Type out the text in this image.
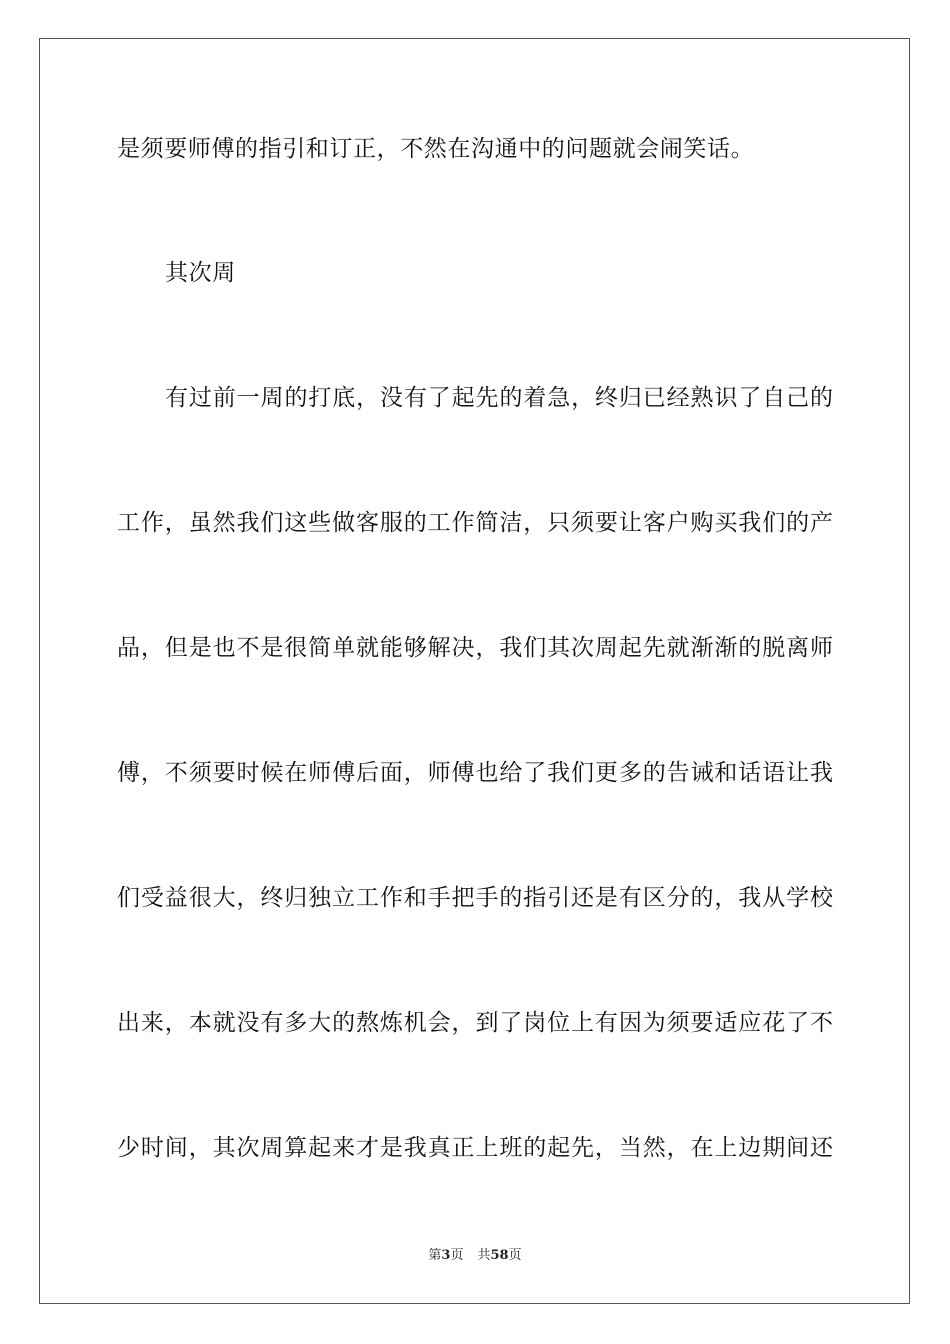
是须要师傅的指引和订正，不然在沟通中的问题就会闹笑话。
其次周
有过前一周的打底，没有了起先的着急，终归已经熟识了自己的
工作，虽然我们这些做客服的工作简洁，只须要让客户购买我们的产
品，但是也不是很简单就能够解决，我们其次周起先就渐渐的脱离师
傅，不须要时候在师傅后面，师傅也给了我们更多的告诫和话语让我
们受益很大，终归独立工作和手把手的指引还是有区分的，我从学校
出来，本就没有多大的熬炼机会，到了岗位上有因为须要适应花了不
少时间，其次周算起来才是我真正上班的起先，当然，在上边期间还
第3页 共58页
